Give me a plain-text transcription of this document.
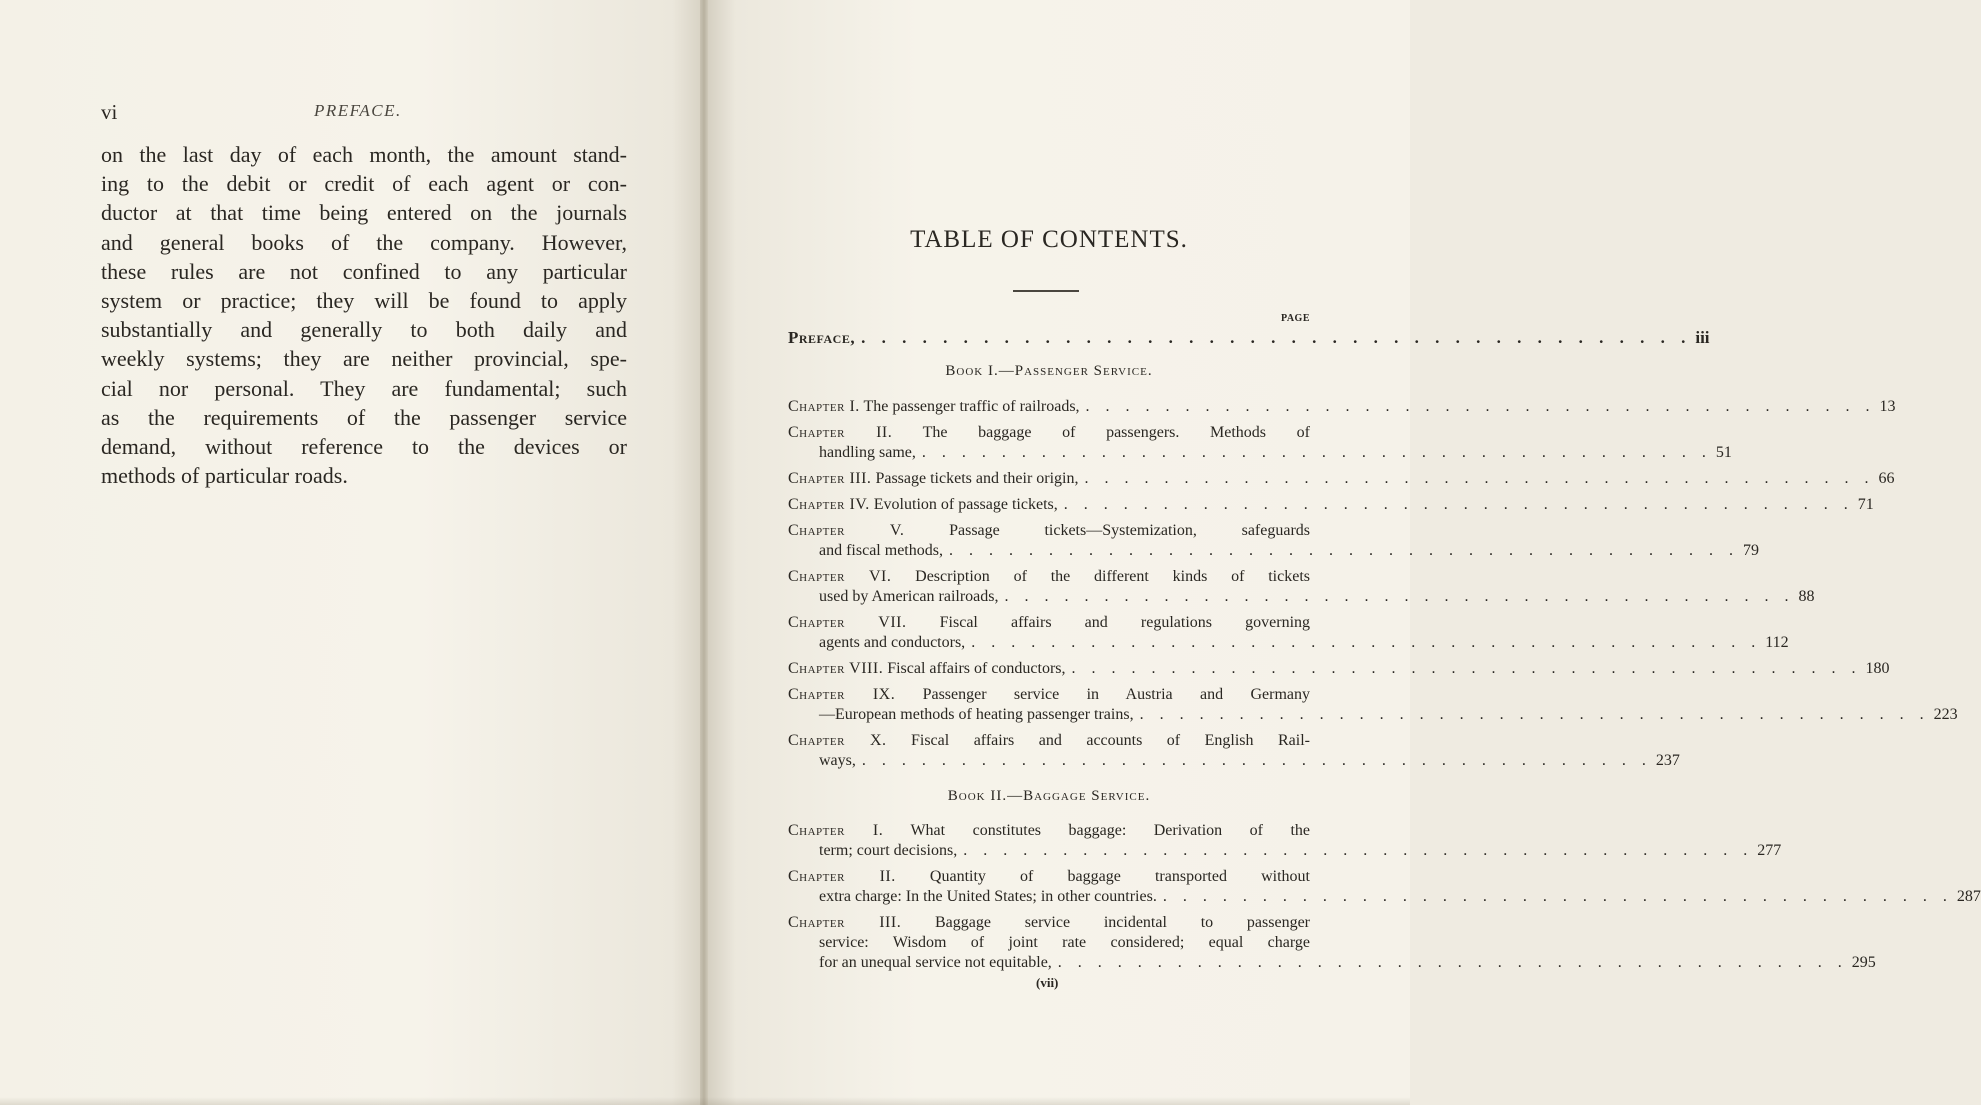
vi	PREFACE.
on the last day of each month, the amount stand-
ing to the debit or credit of each agent or con-
ductor at that time being entered on the journals
and general books of the company. However,
these rules are not confined to any particular
system or practice; they will be found to apply
substantially and generally to both daily and
weekly systems; they are neither provincial, spe-
cial nor personal. They are fundamental; such
as the requirements of the passenger service
demand, without reference to the devices or
methods of particular roads.
TABLE OF CONTENTS.
PAGE
Preface, . . . . . . . . . . . . . . . . . . . . . . . . . . . . . . . . . . . . . . . . . iii
Book I.—Passenger Service.
Chapter I. The passenger traffic of railroads, . . . . . . . . . . . . . . . . . . . . . . . . . . . . . . . . . . . . . . . . 13
Chapter II. The baggage of passengers. Methods of
handling same, . . . . . . . . . . . . . . . . . . . . . . . . . . . . . . . . . . . . . . . . 51
Chapter III. Passage tickets and their origin, . . . . . . . . . . . . . . . . . . . . . . . . . . . . . . . . . . . . . . . . 66
Chapter IV. Evolution of passage tickets, . . . . . . . . . . . . . . . . . . . . . . . . . . . . . . . . . . . . . . . . 71
Chapter V. Passage tickets—Systemization, safeguards
and fiscal methods, . . . . . . . . . . . . . . . . . . . . . . . . . . . . . . . . . . . . . . . . 79
Chapter VI. Description of the different kinds of tickets
used by American railroads, . . . . . . . . . . . . . . . . . . . . . . . . . . . . . . . . . . . . . . . . 88
Chapter VII. Fiscal affairs and regulations governing
agents and conductors, . . . . . . . . . . . . . . . . . . . . . . . . . . . . . . . . . . . . . . . . 112
Chapter VIII. Fiscal affairs of conductors, . . . . . . . . . . . . . . . . . . . . . . . . . . . . . . . . . . . . . . . . 180
Chapter IX. Passenger service in Austria and Germany
—European methods of heating passenger trains, . . . . . . . . . . . . . . . . . . . . . . . . . . . . . . . . . . . . . . . . 223
Chapter X. Fiscal affairs and accounts of English Rail-
ways, . . . . . . . . . . . . . . . . . . . . . . . . . . . . . . . . . . . . . . . . 237
Book II.—Baggage Service.
Chapter I. What constitutes baggage: Derivation of the
term; court decisions, . . . . . . . . . . . . . . . . . . . . . . . . . . . . . . . . . . . . . . . . 277
Chapter II. Quantity of baggage transported without
extra charge: In the United States; in other countries. . . . . . . . . . . . . . . . . . . . . . . . . . . . . . . . . . . . . . . . . 287
Chapter III. Baggage service incidental to passenger
service: Wisdom of joint rate considered; equal charge
for an unequal service not equitable, . . . . . . . . . . . . . . . . . . . . . . . . . . . . . . . . . . . . . . . . 295
(vii)
